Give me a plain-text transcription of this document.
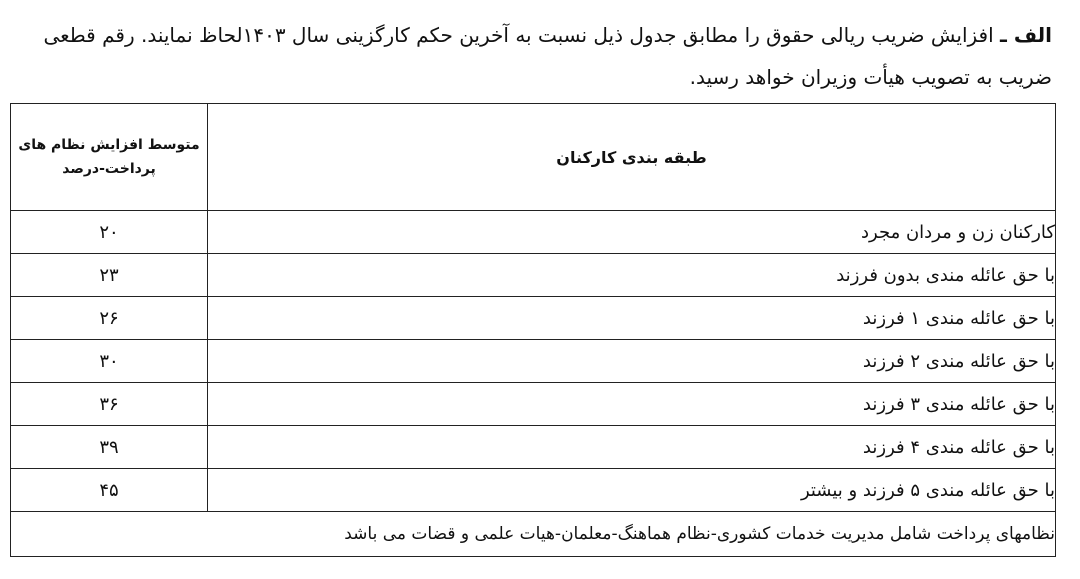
الف ـ افزایش ضریب ریالی حقوق را مطابق جدول ذیل نسبت به آخرین حکم کارگزینی سال ۱۴۰۳لحاظ نمایند. رقم قطعی ضریب به تصویب هیأت وزیران خواهد رسید.
طبقه بندی کارکنان	متوسط افزایش نظام های پرداخت-درصد
کارکنان زن و مردان مجرد	۲۰
با حق عائله مندی بدون فرزند	۲۳
با حق عائله مندی ۱ فرزند	۲۶
با حق عائله مندی ۲ فرزند	۳۰
با حق عائله مندی ۳ فرزند	۳۶
با حق عائله مندی ۴ فرزند	۳۹
با حق عائله مندی ۵ فرزند و بیشتر	۴۵
نظامهای پرداخت شامل مدیریت خدمات کشوری-نظام هماهنگ-معلمان-هیات علمی و قضات می باشد	
